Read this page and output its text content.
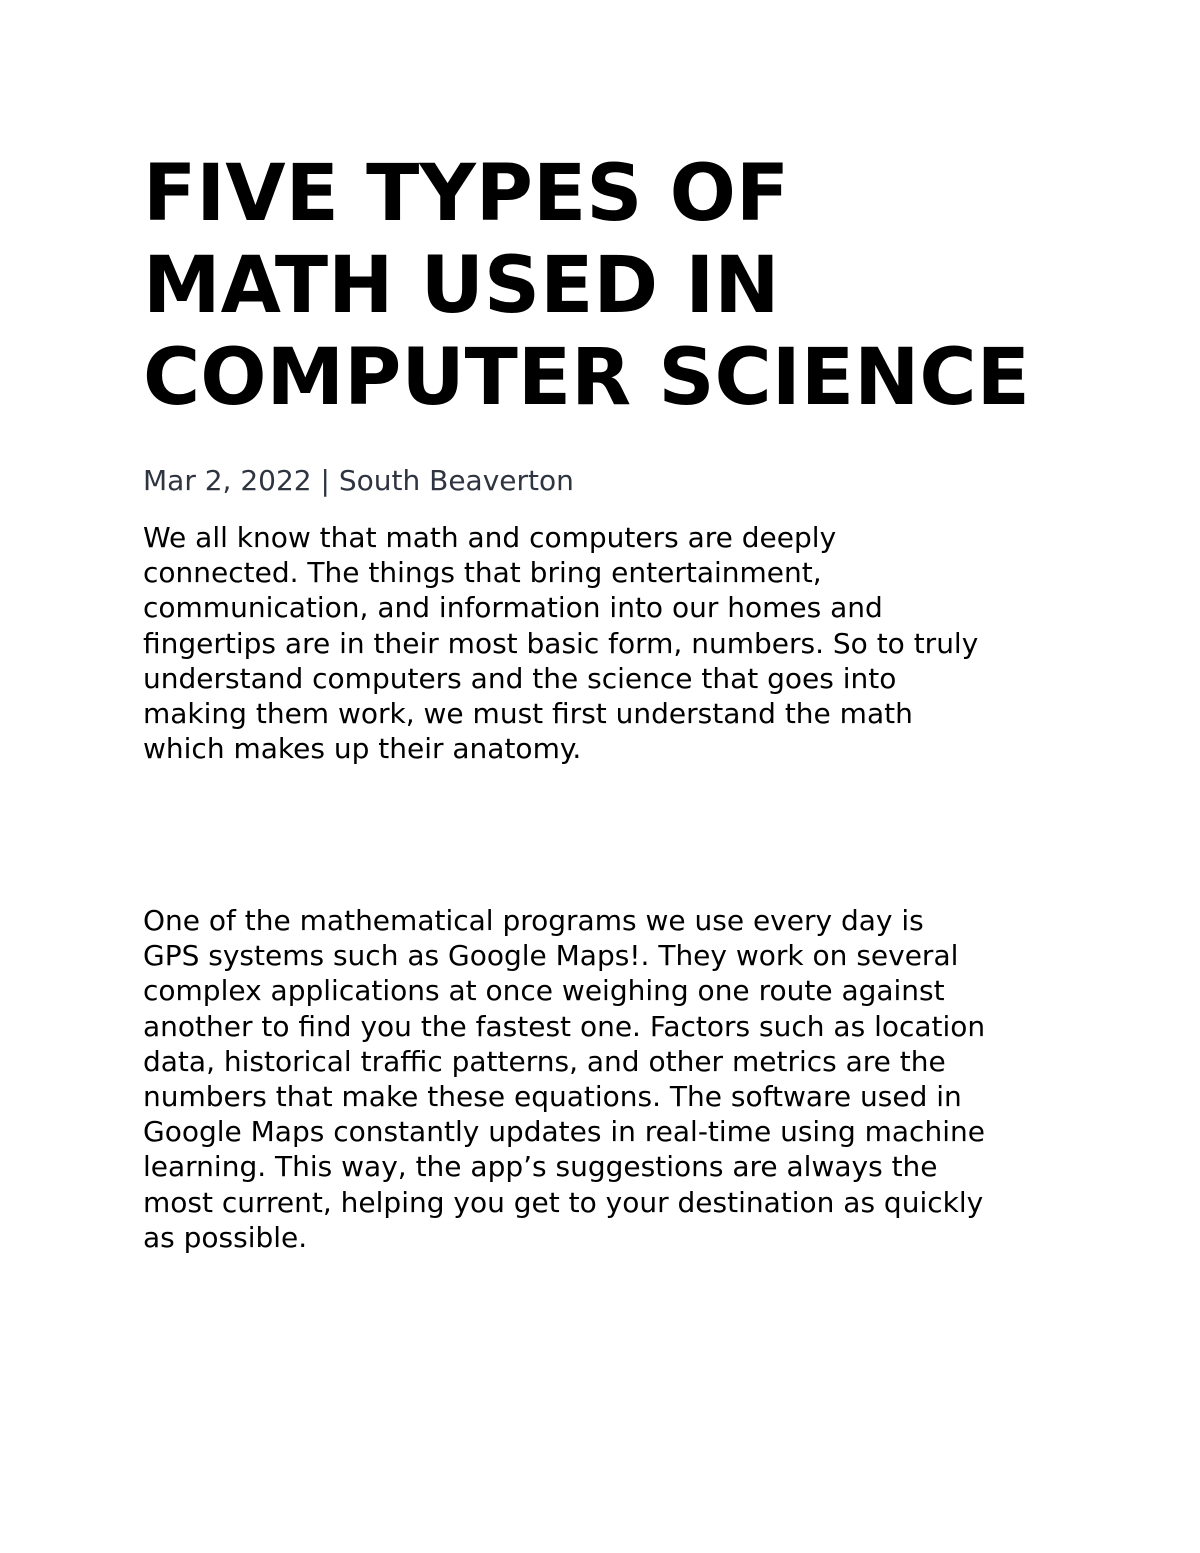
FIVE TYPES OF
MATH USED IN
COMPUTER SCIENCE

Mar 2, 2022 | South Beaverton

We all know that math and computers are deeply
connected. The things that bring entertainment,
communication, and information into our homes and
fingertips are in their most basic form, numbers. So to truly
understand computers and the science that goes into
making them work, we must first understand the math
which makes up their anatomy.

One of the mathematical programs we use every day is
GPS systems such as Google Maps!. They work on several
complex applications at once weighing one route against
another to find you the fastest one. Factors such as location
data, historical traffic patterns, and other metrics are the
numbers that make these equations. The software used in
Google Maps constantly updates in real-time using machine
learning. This way, the app’s suggestions are always the
most current, helping you get to your destination as quickly
as possible.
